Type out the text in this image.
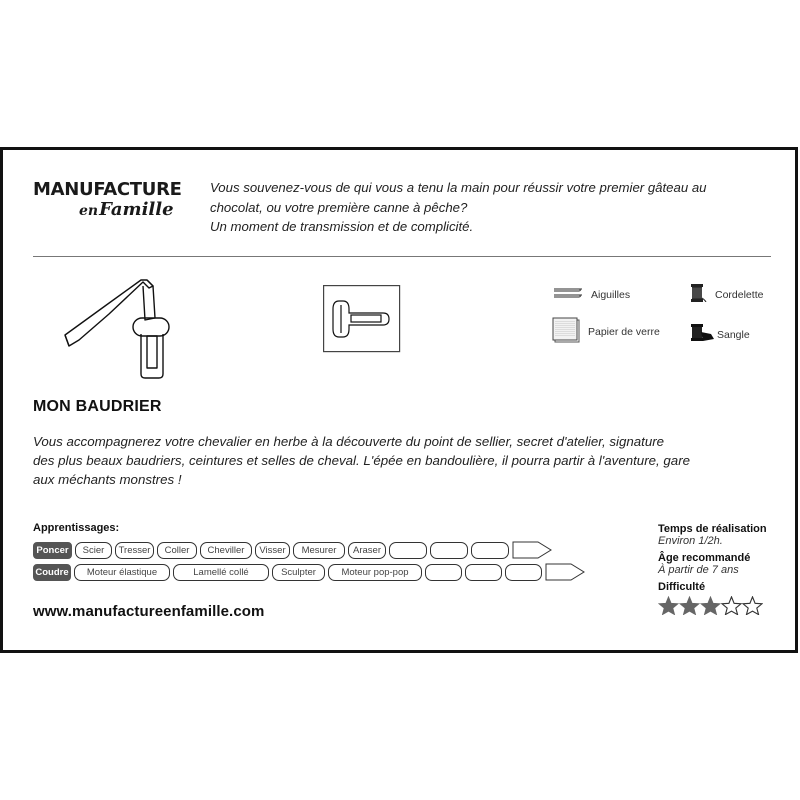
MANUFACTURE
enFamille
Vous souvenez-vous de qui vous a tenu la main pour réussir votre premier gâteau au
chocolat, ou votre première canne à pêche?
Un moment de transmission et de complicité.
Aiguilles	Cordelette
Papier de verre	Sangle
MON BAUDRIER
Vous accompagnerez votre chevalier en herbe à la découverte du point de sellier, secret d'atelier, signature
des plus beaux baudriers, ceintures et selles de cheval. L'épée en bandoulière, il pourra partir à l'aventure, gare
aux méchants monstres !
Apprentissages:
Poncer	Scier	Tresser	Coller	Cheviller	Visser	Mesurer	Araser
Coudre	Moteur élastique	Lamellé collé	Sculpter	Moteur pop-pop
Temps de réalisation
Environ 1/2h.
Âge recommandé
À partir de 7 ans
Difficulté
www.manufactureenfamille.com
